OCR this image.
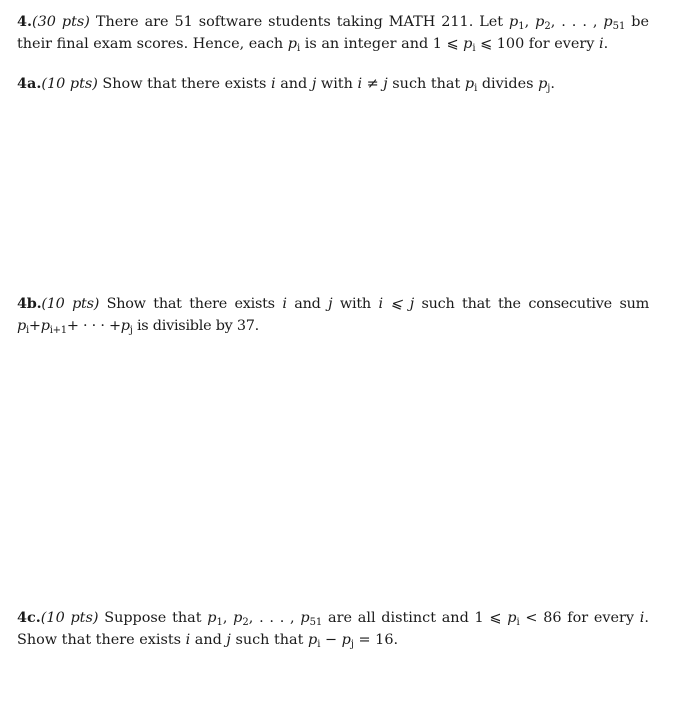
4.(30 pts) There are 51 software students taking MATH 211. Let $p_1$, $p_2$, . . . , $p_{51}$ be their final exam scores. Hence, each $p_i$ is an integer and 1 ⩽ $p_i$ ⩽ 100 for every i.
4a.(10 pts) Show that there exists i and j with i ≠ j such that $p_i$ divides $p_j$.
4b.(10 pts) Show that there exists i and j with i ⩽ j such that the consecutive sum $p_i+p_{i+1}+$ · · · $+p_j$ is divisible by 37.
4c.(10 pts) Suppose that $p_1$, $p_2$, . . . , $p_{51}$ are all distinct and 1 ⩽ $p_i < 86$ for every i. Show that there exists i and j such that $p_i - p_j = 16$.
